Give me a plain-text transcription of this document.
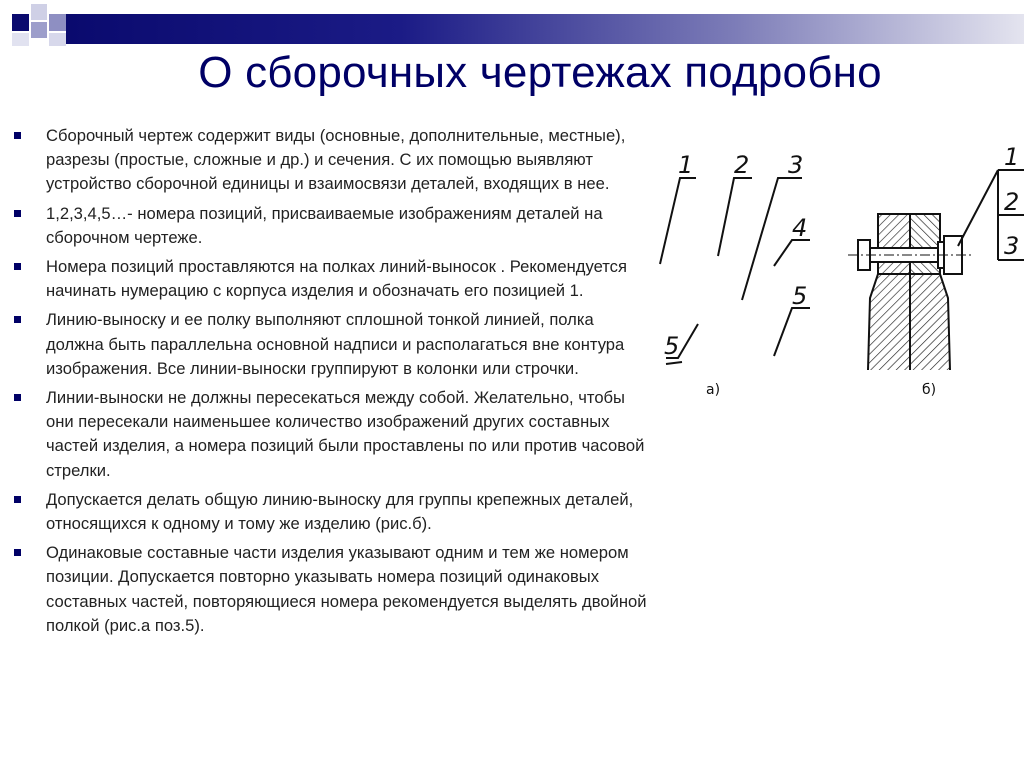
О сборочных чертежах подробно
Сборочный чертеж содержит виды (основные, дополнительные, местные), разрезы (простые, сложные и др.) и сечения. С их помощью выявляют устройство сборочной единицы и взаимосвязи деталей, входящих в нее.
1,2,3,4,5…- номера позиций, присваиваемые изображениям деталей на сборочном чертеже.
Номера позиций проставляются на полках линий-выносок . Рекомендуется начинать нумерацию с корпуса изделия и обозначать его позицией 1.
Линию-выноску и ее полку выполняют сплошной тонкой линией, полка должна быть параллельна основной надписи и располагаться вне контура изображения. Все линии-выноски группируют в колонки или строчки.
Линии-выноски не должны пересекаться между собой. Желательно, чтобы они пересекали наименьшее количество изображений других составных частей изделия, а номера позиций были проставлены по или против часовой стрелки.
Допускается делать общую линию-выноску для группы крепежных деталей, относящихся к одному и тому же изделию (рис.б).
Одинаковые составные части изделия указывают одним и тем же номером позиции. Допускается повторно указывать номера позиций одинаковых составных частей, повторяющиеся номера рекомендуется выделять двойной полкой (рис.а поз.5).
1 2 3
4
5
5
а)
1
2
3
б)
